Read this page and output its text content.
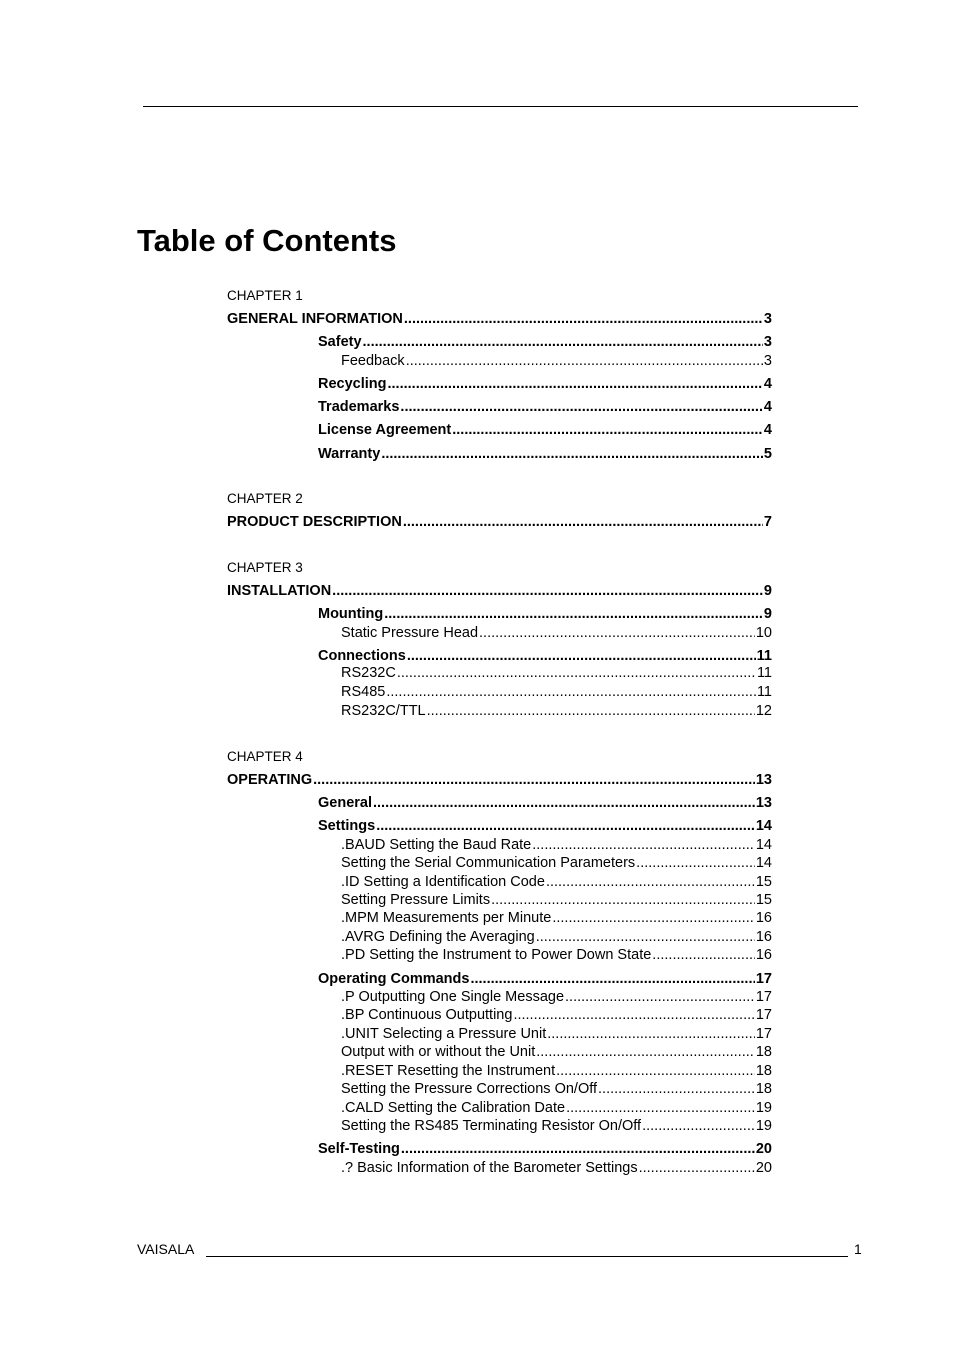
Table of Contents
CHAPTER 1
GENERAL INFORMATION .....	3
Safety .....	3
Feedback .....	3
Recycling .....	4
Trademarks .....	4
License Agreement .....	4
Warranty .....	5
CHAPTER 2
PRODUCT DESCRIPTION .....	7
CHAPTER 3
INSTALLATION .....	9
Mounting .....	9
Static Pressure Head .....	10
Connections .....	11
RS232C .....	11
RS485 .....	11
RS232C/TTL .....	12
CHAPTER 4
OPERATING .....	13
General .....	13
Settings .....	14
.BAUD Setting the Baud Rate .....	14
Setting the Serial Communication Parameters .....	14
.ID Setting a Identification Code .....	15
Setting Pressure Limits .....	15
.MPM Measurements per Minute .....	16
.AVRG Defining the Averaging .....	16
.PD Setting the Instrument to Power Down State .....	16
Operating Commands .....	17
.P Outputting One Single Message .....	17
.BP Continuous Outputting .....	17
.UNIT Selecting a Pressure Unit .....	17
Output with or without the Unit .....	18
.RESET Resetting the Instrument .....	18
Setting the Pressure Corrections On/Off .....	18
.CALD Setting the Calibration Date .....	19
Setting the RS485 Terminating Resistor On/Off .....	19
Self-Testing .....	20
.? Basic Information of the Barometer Settings .....	20
VAISALA	1
